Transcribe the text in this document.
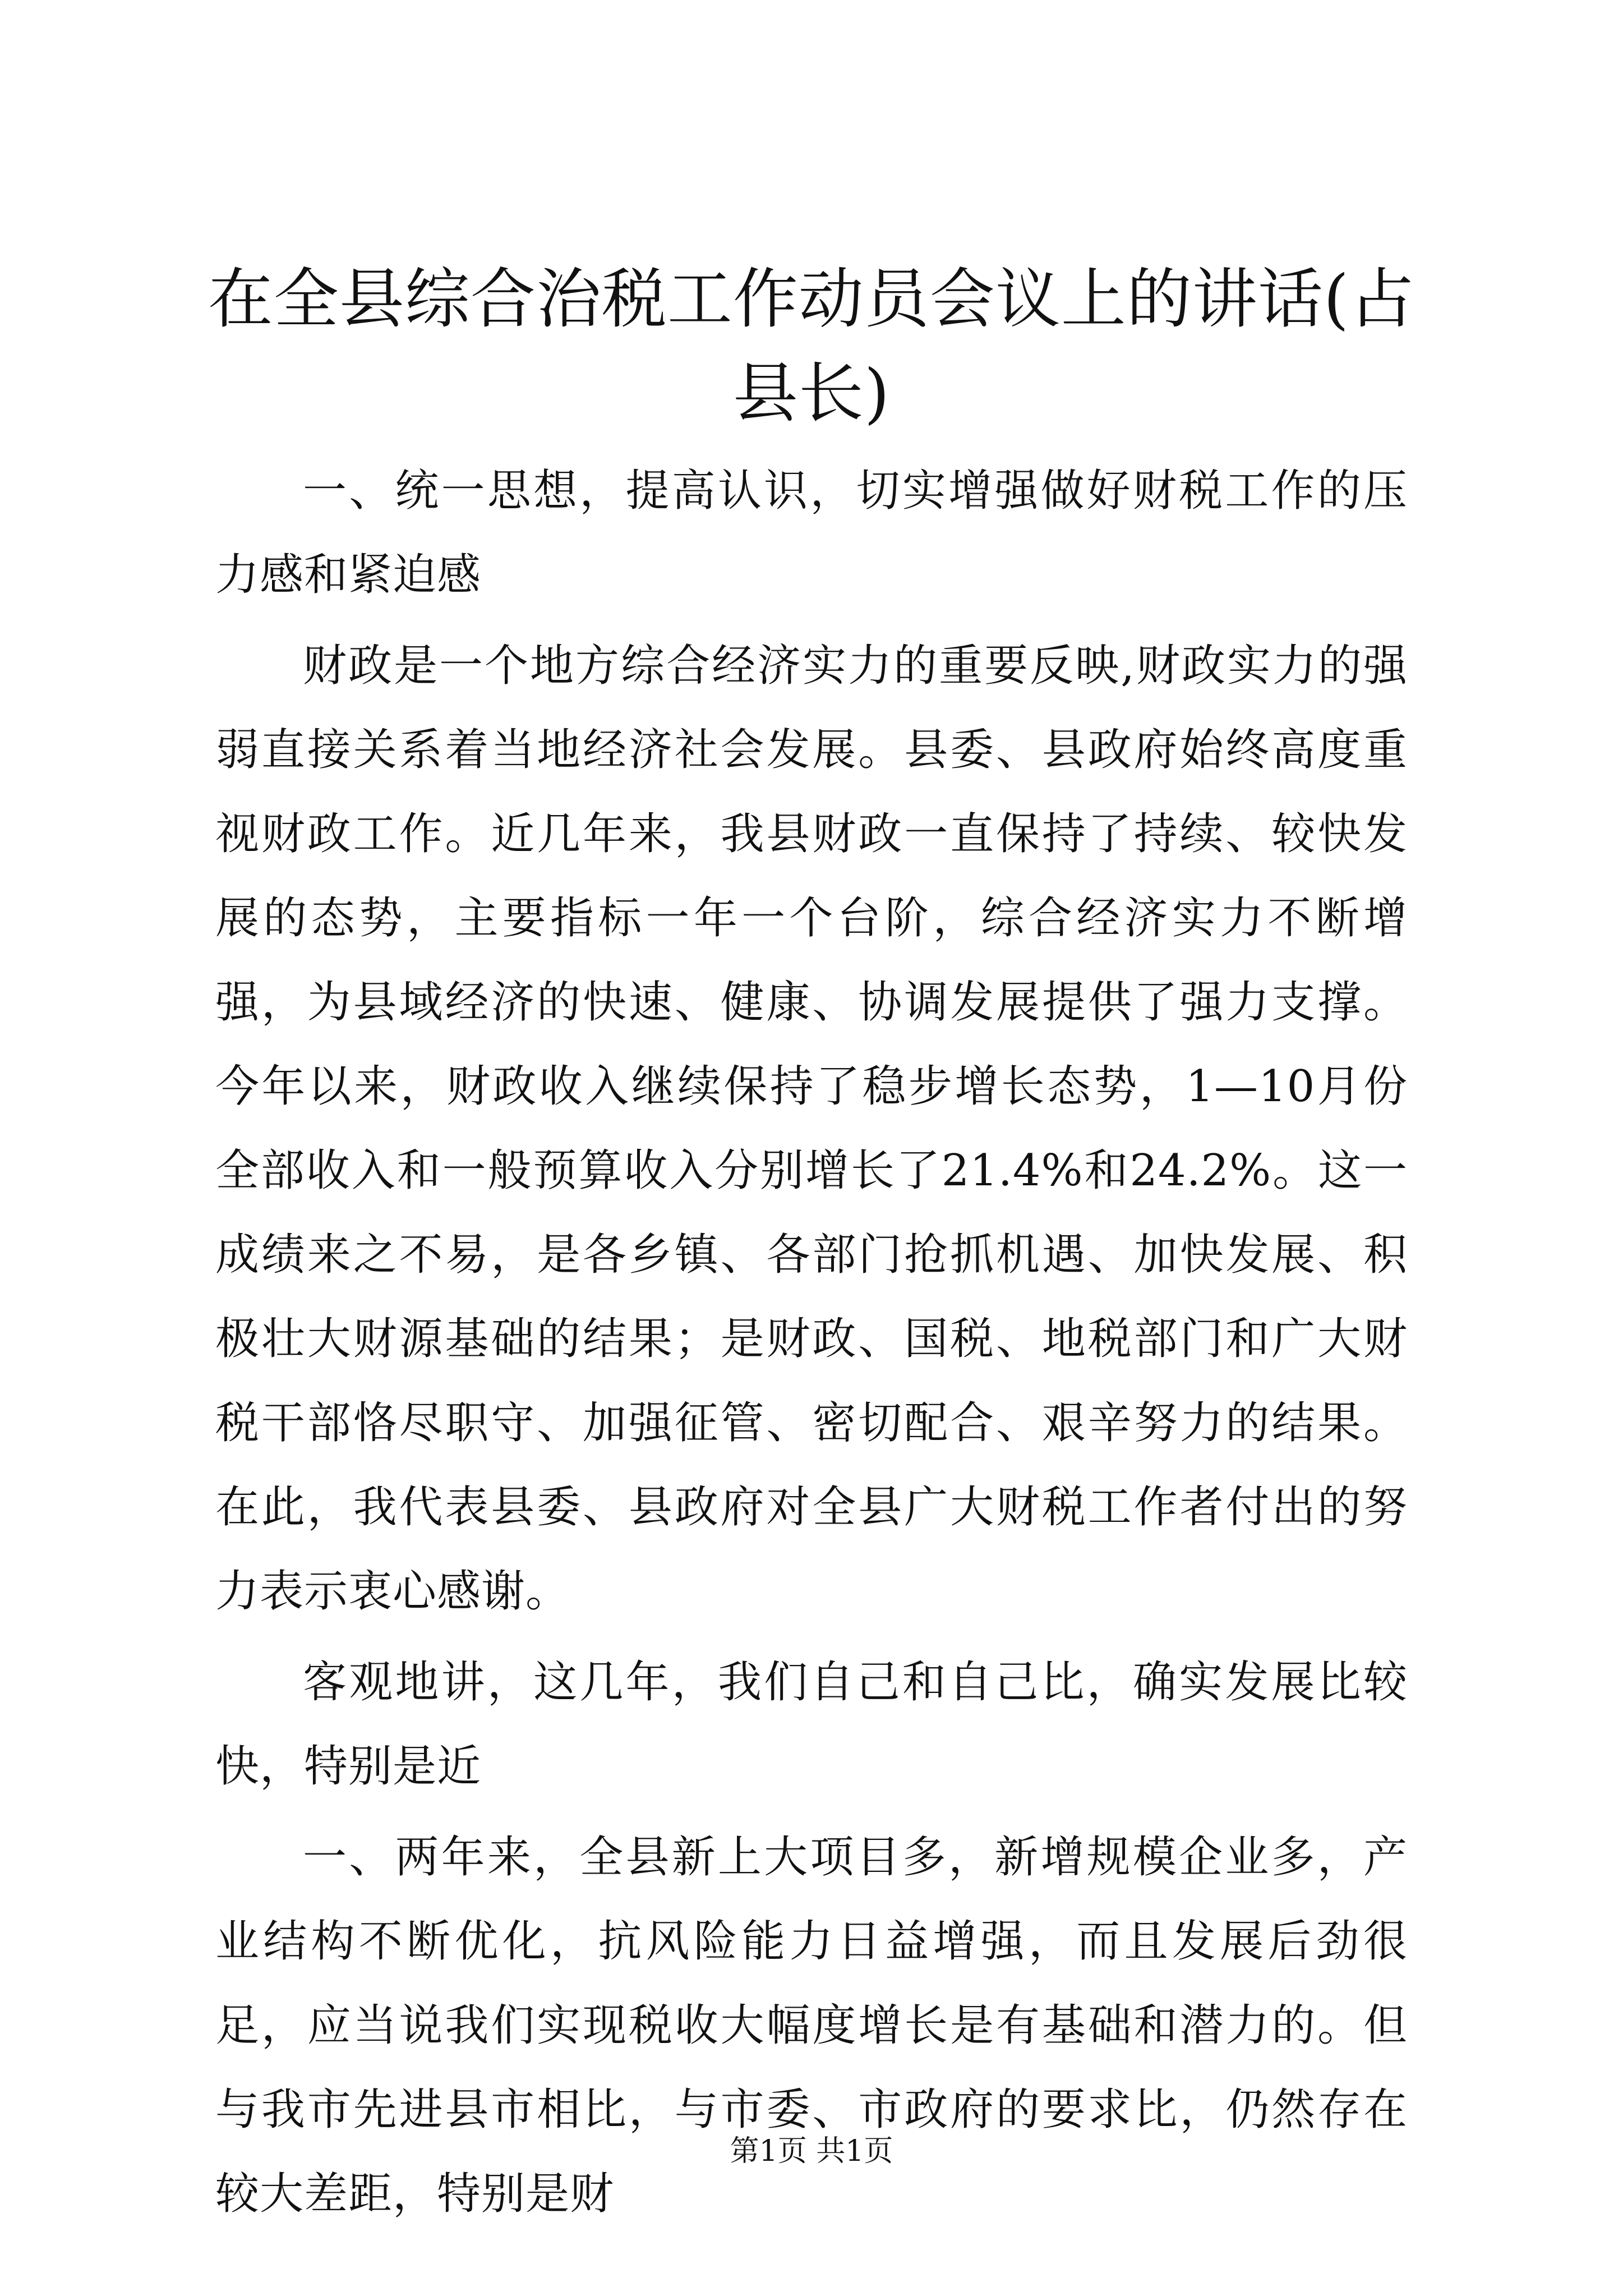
在全县综合治税工作动员会议上的讲话(占县长)

一、统一思想，提高认识，切实增强做好财税工作的压力感和紧迫感

财政是一个地方综合经济实力的重要反映,财政实力的强弱直接关系着当地经济社会发展。县委、县政府始终高度重视财政工作。近几年来，我县财政一直保持了持续、较快发展的态势，主要指标一年一个台阶，综合经济实力不断增强，为县域经济的快速、健康、协调发展提供了强力支撑。今年以来，财政收入继续保持了稳步增长态势，1—10月份全部收入和一般预算收入分别增长了21.4%和24.2%。这一成绩来之不易，是各乡镇、各部门抢抓机遇、加快发展、积极壮大财源基础的结果；是财政、国税、地税部门和广大财税干部恪尽职守、加强征管、密切配合、艰辛努力的结果。在此，我代表县委、县政府对全县广大财税工作者付出的努力表示衷心感谢。

客观地讲，这几年，我们自己和自己比，确实发展比较快，特别是近

一、两年来，全县新上大项目多，新增规模企业多，产业结构不断优化，抗风险能力日益增强，而且发展后劲很足，应当说我们实现税收大幅度增长是有基础和潜力的。但与我市先进县市相比，与市委、市政府的要求比，仍然存在较大差距，特别是财

第1页 共1页
